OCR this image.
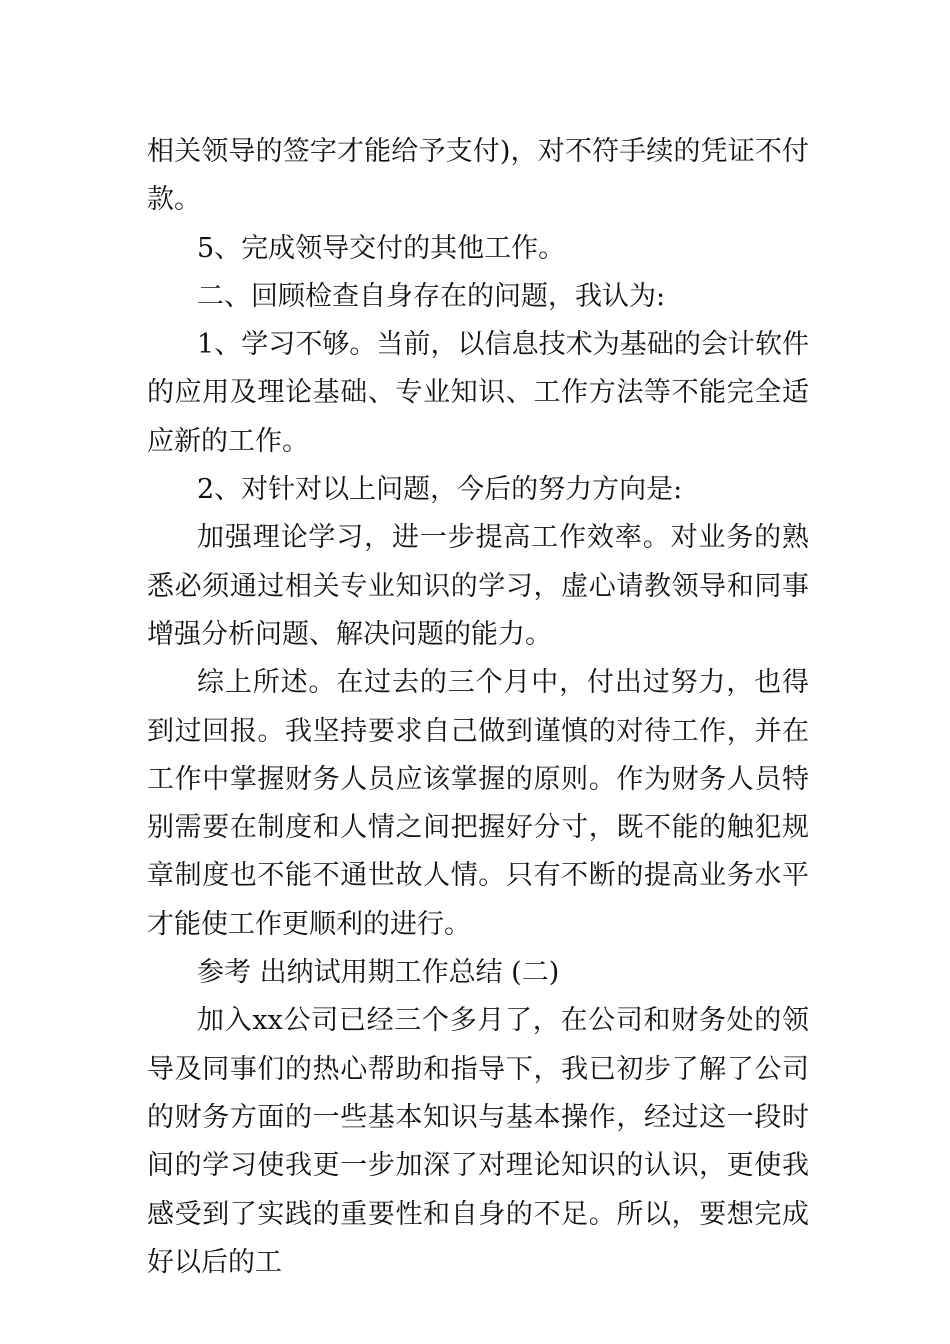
相关领导的签字才能给予支付)，对不符手续的凭证不付款。

5、完成领导交付的其他工作。

二、回顾检查自身存在的问题，我认为:

1、学习不够。当前，以信息技术为基础的会计软件的应用及理论基础、专业知识、工作方法等不能完全适应新的工作。

2、对针对以上问题，今后的努力方向是:

加强理论学习，进一步提高工作效率。对业务的熟悉必须通过相关专业知识的学习，虚心请教领导和同事增强分析问题、解决问题的能力。

综上所述。在过去的三个月中，付出过努力，也得到过回报。我坚持要求自己做到谨慎的对待工作，并在工作中掌握财务人员应该掌握的原则。作为财务人员特别需要在制度和人情之间把握好分寸，既不能的触犯规章制度也不能不通世故人情。只有不断的提高业务水平才能使工作更顺利的进行。

参考 出纳试用期工作总结 (二)

加入xx公司已经三个多月了，在公司和财务处的领导及同事们的热心帮助和指导下，我已初步了解了公司的财务方面的一些基本知识与基本操作，经过这一段时间的学习使我更一步加深了对理论知识的认识，更使我感受到了实践的重要性和自身的不足。所以，要想完成好以后的工
